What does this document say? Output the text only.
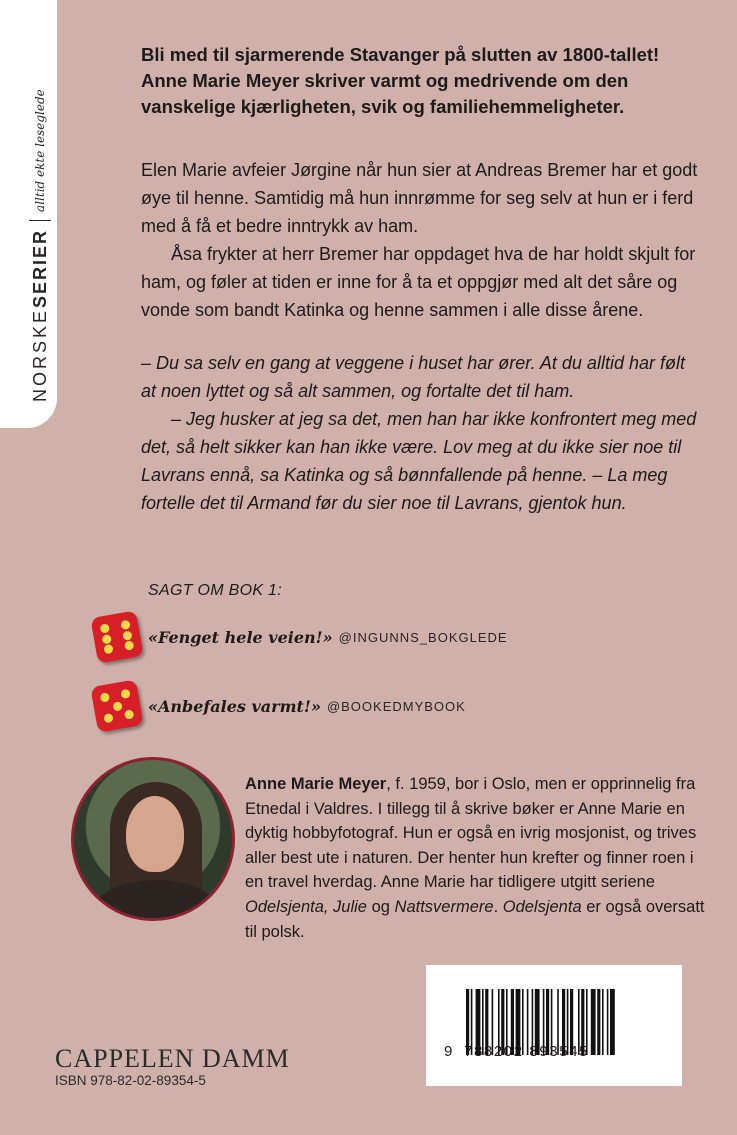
NORSKE
SERIER
alltid ekte lesеglede

Bli med til sjarmerende Stavanger på slutten av 1800-tallet! Anne Marie Meyer skriver varmt og medrivende om den vanskelige kjærligheten, svik og familiehemmeligheter.

Elen Marie avfeier Jørgine når hun sier at Andreas Bremer har et godt øye til henne. Samtidig må hun innrømme for seg selv at hun er i ferd med å få et bedre inntrykk av ham.

Åsa frykter at herr Bremer har oppdaget hva de har holdt skjult for ham, og føler at tiden er inne for å ta et oppgjør med alt det såre og vonde som bandt Katinka og henne sammen i alle disse årene.

– Du sa selv en gang at veggene i huset har ører. At du alltid har følt at noen lyttet og så alt sammen, og fortalte det til ham.

– Jeg husker at jeg sa det, men han har ikke konfrontert meg med det, så helt sikker kan han ikke være. Lov meg at du ikke sier noe til Lavrans ennå, sa Katinka og så bønnfallende på henne. – La meg fortelle det til Armand før du sier noe til Lavrans, gjentok hun.

SAGT OM BOK 1:
«Fenget hele veien!» @INGUNNS_BOKGLEDE
«Anbefales varmt!» @BOOKEDMYBOOK

Anne Marie Meyer, f. 1959, bor i Oslo, men er opprinnelig fra Etnedal i Valdres. I tillegg til å skrive bøker er Anne Marie en dyktig hobbyfotograf. Hun er også en ivrig mosjonist, og trives aller best ute i naturen. Der henter hun krefter og finner roen i en travel hverdag. Anne Marie har tidligere utgitt seriene Odelsjenta, Julie og Nattsvermere. Odelsjenta er også oversatt til polsk.

9 788202 893545
CAPPELEN DAMM
ISBN 978-82-02-89354-5
